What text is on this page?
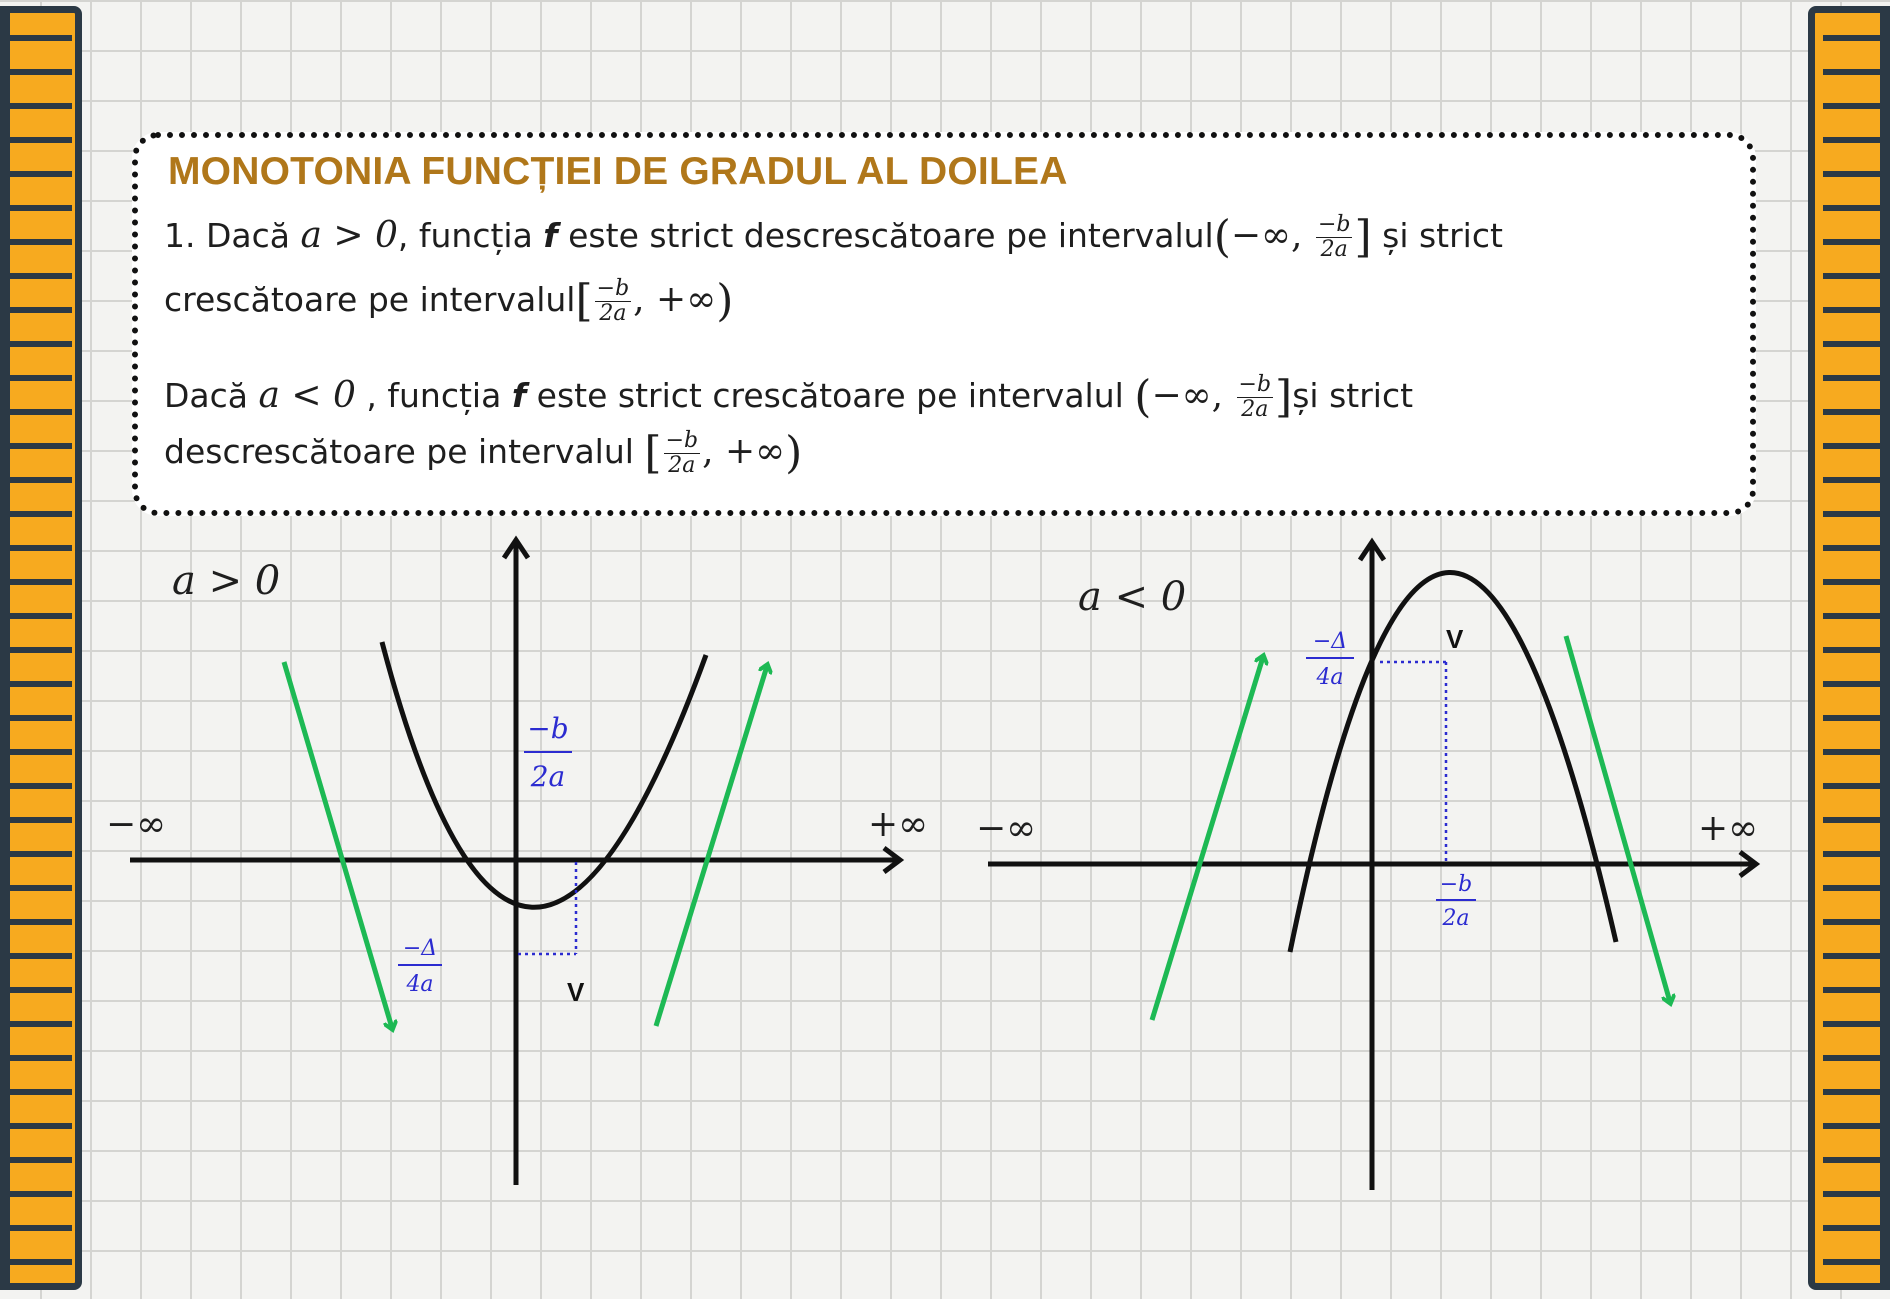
MONOTONIA FUNCȚIEI DE GRADUL AL DOILEA
1. Dacă a > 0, funcția f este strict descrescătoare pe intervalul(−∞, $\frac{-b}{2a}$ ] și strict
crescătoare pe intervalul[ $\frac{-b}{2a}$ , +∞)
Dacă a < 0 , funcția f este strict crescătoare pe intervalul (−∞, $\frac{-b}{2a}$ ]și strict
descrescătoare pe intervalul [ $\frac{-b}{2a}$ , +∞)
a > 0
−∞	+∞
−b
2a
−Δ
4a	V
a < 0
−∞	+∞
−Δ
4a
−b
2a
V
